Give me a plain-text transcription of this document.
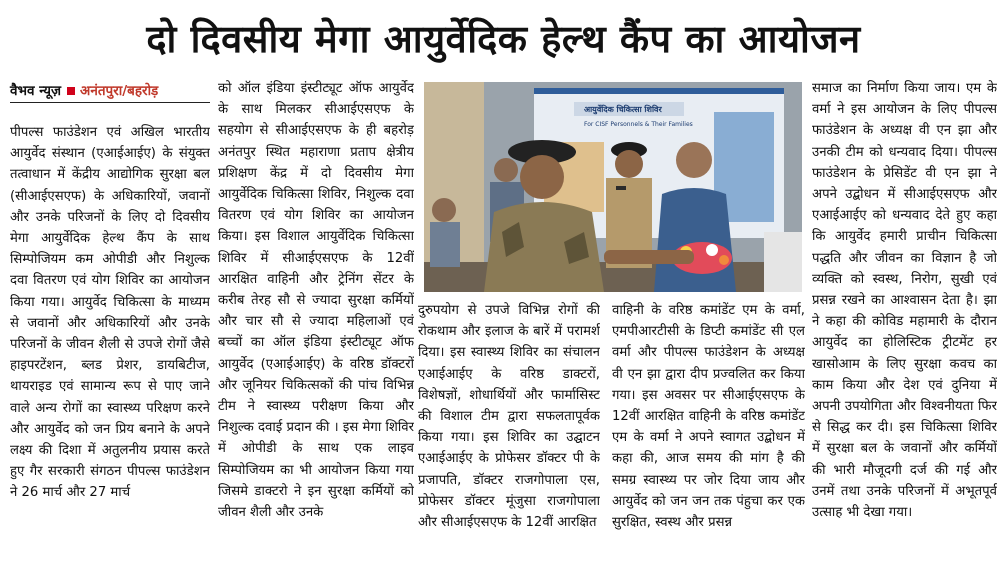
दो दिवसीय मेगा आयुर्वेदिक हेल्थ कैंप का आयोजन
वैभव न्यूज़ अनंतपुरा/बहरोड़

पीपल्स फाउंडेशन एवं अखिल भारतीय आयुर्वेद संस्थान (एआईआईए) के संयुक्त तत्वाधान में केंद्रीय आद्योगिक सुरक्षा बल (सीआईएसएफ) के अधिकारियों, जवानों और उनके परिजनों के लिए दो दिवसीय मेगा आयुर्वेदिक हेल्थ कैंप के साथ सिम्पोजियम कम ओपीडी और निशुल्क दवा वितरण एवं योग शिविर का आयोजन किया गया। आयुर्वेद चिकित्सा के माध्यम से जवानों और अधिकारियों और उनके परिजनों के जीवन शैली से उपजे रोगों जैसे हाइपरटेंशन, ब्लड प्रेशर, डायबिटीज, थायराइड एवं सामान्य रूप से पाए जाने वाले अन्य रोगों का स्वास्थ्य परिक्षण करने और आयुर्वेद को जन प्रिय बनाने के अपने लक्ष्य की दिशा में अतुलनीय प्रयास करते हुए गैर सरकारी संगठन पीपल्स फाउंडेशन ने 26 मार्च और 27 मार्च

को ऑल इंडिया इंस्टीट्यूट ऑफ आयुर्वेद के साथ मिलकर सीआईएसएफ के सहयोग से सीआईएसएफ के ही बहरोड़ अनंतपुर स्थित महाराणा प्रताप क्षेत्रीय प्रशिक्षण केंद्र में दो दिवसीय मेगा आयुर्वेदिक चिकित्सा शिविर, निशुल्क दवा वितरण एवं योग शिविर का आयोजन किया। इस विशाल आयुर्वेदिक चिकित्सा शिविर में सीआईएसएफ के 12वीं आरक्षित वाहिनी और ट्रेनिंग सेंटर के करीब तेरह सौ से ज्यादा सुरक्षा कर्मियों और चार सौ से ज्यादा महिलाओं एवं बच्चों का ऑल इंडिया इंस्टीट्यूट ऑफ आयुर्वेद (एआईआईए) के वरिष्ठ डॉक्टरों और जूनियर चिकित्सकों की पांच विभिन्न टीम ने स्वास्थ्य परीक्षण किया और निशुल्क दवाई प्रदान की । इस मेगा शिविर में ओपीडी के साथ एक लाइव सिम्पोजियम का भी आयोजन किया गया जिसमे डाक्टरो ने इन सुरक्षा कर्मियों को जीवन शैली और उनके

आयुर्वेदिक चिकित्सा शिविर
For CISF Personnels & Their Families

दुरुपयोग से उपजे विभिन्न रोगों की रोकथाम और इलाज के बारें में परामर्श दिया। इस स्वास्थ्य शिविर का संचालन एआईआईए के वरिष्ठ डाक्टरों, विशेषज्ञों, शोधार्थियों और फार्मासिस्ट की विशाल टीम द्वारा सफलतापूर्वक किया गया। इस शिविर का उद्घाटन एआईआईए के प्रोफेसर डॉक्टर पी के प्रजापति, डॉक्टर राजगोपाला एस, प्रोफेसर डॉक्टर मूंजुसा राजगोपाला और सीआईएसएफ के 12वीं आरक्षित

वाहिनी के वरिष्ठ कमांडेंट एम के वर्मा, एमपीआरटीसी के डिप्टी कमांडेंट सी एल वर्मा और पीपल्स फाउंडेशन के अध्यक्ष वी एन झा द्वारा दीप प्रज्वलित कर किया गया। इस अवसर पर सीआईएसएफ के 12वीं आरक्षित वाहिनी के वरिष्ठ कमांडेंट एम के वर्मा ने अपने स्वागत उद्बोधन में कहा की, आज समय की मांग है की समग्र स्वास्थ्य पर जोर दिया जाय और आयुर्वेद को जन जन तक पंहुचा कर एक सुरक्षित, स्वस्थ और प्रसन्न

समाज का निर्माण किया जाय। एम के वर्मा ने इस आयोजन के लिए पीपल्स फाउंडेशन के अध्यक्ष वी एन झा और उनकी टीम को धन्यवाद दिया। पीपल्स फाउंडेशन के प्रेसिडेंट वी एन झा ने अपने उद्बोधन में सीआईएसएफ और एआईआईए को धन्यवाद देते हुए कहा कि आयुर्वेद हमारी प्राचीन चिकित्सा पद्धति और जीवन का विज्ञान है जो व्यक्ति को स्वस्थ, निरोग, सुखी एवं प्रसन्न रखने का आश्वासन देता है। झा ने कहा की कोविड महामारी के दौरान आयुर्वेद का होलिस्टिक ट्रीटमेंट हर खासोआम के लिए सुरक्षा कवच का काम किया और देश एवं दुनिया में अपनी उपयोगिता और विश्वनीयता फिर से सिद्ध कर दी। इस चिकित्सा शिविर में सुरक्षा बल के जवानों और कर्मियों की भारी मौजूदगी दर्ज की गई और उनमें तथा उनके परिजनों में अभूतपूर्व उत्साह भी देखा गया।
